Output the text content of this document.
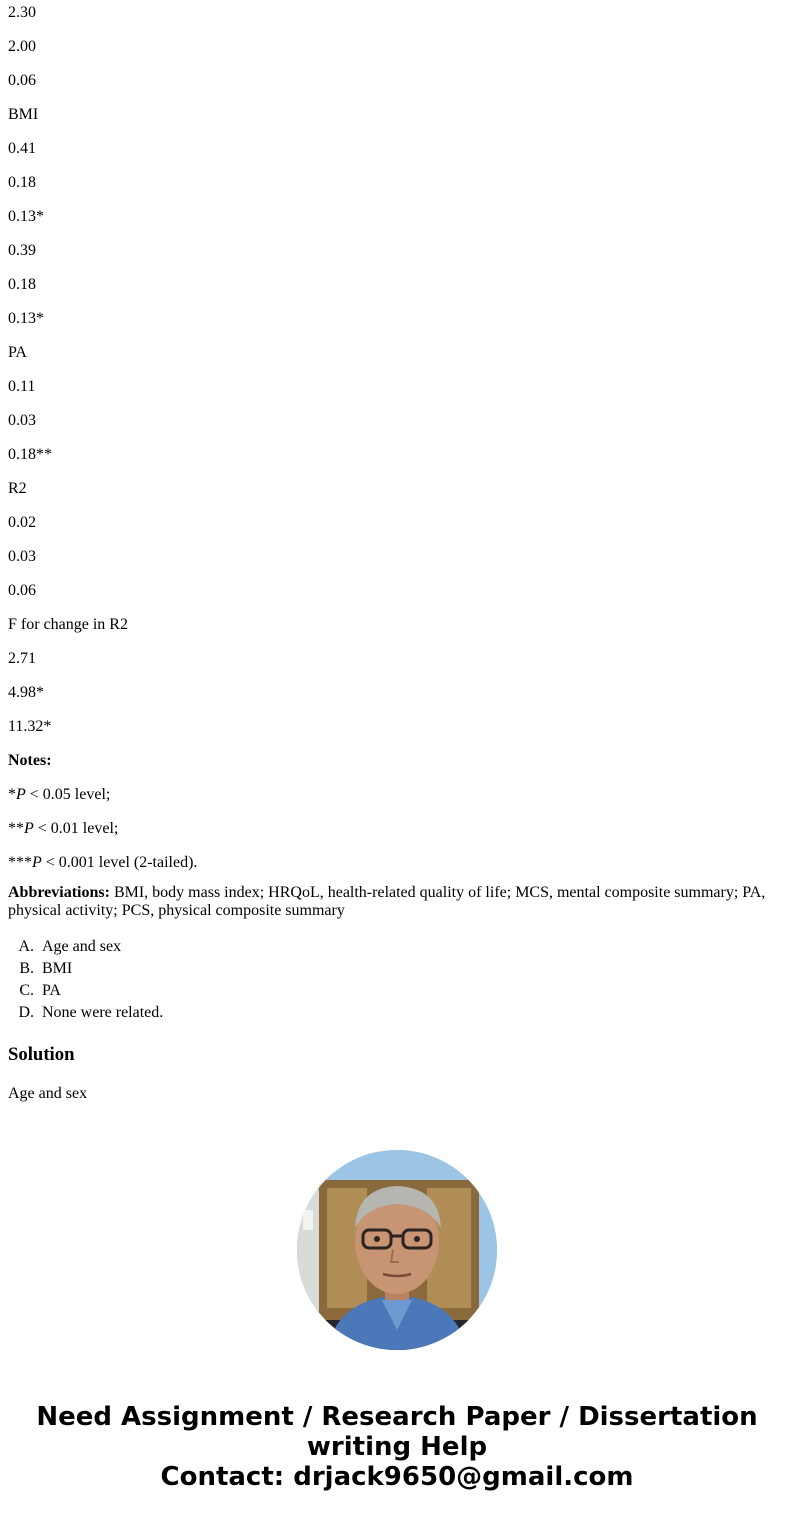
2.30

2.00

0.06

BMI

0.41

0.18

0.13*

0.39

0.18

0.13*

PA

0.11

0.03

0.18**

R2

0.02

0.03

0.06

F for change in R2

2.71

4.98*

11.32*

Notes:

*P < 0.05 level;

**P < 0.01 level;

***P < 0.001 level (2-tailed).

Abbreviations: BMI, body mass index; HRQoL, health-related quality of life; MCS, mental composite summary; PA, physical activity; PCS, physical composite summary

A.
Age and sex
B.
BMI
C.
PA
D.
None were related.
Solution

Age and sex

Need Assignment / Research Paper / Dissertation
writing Help
Contact: drjack9650@gmail.com
